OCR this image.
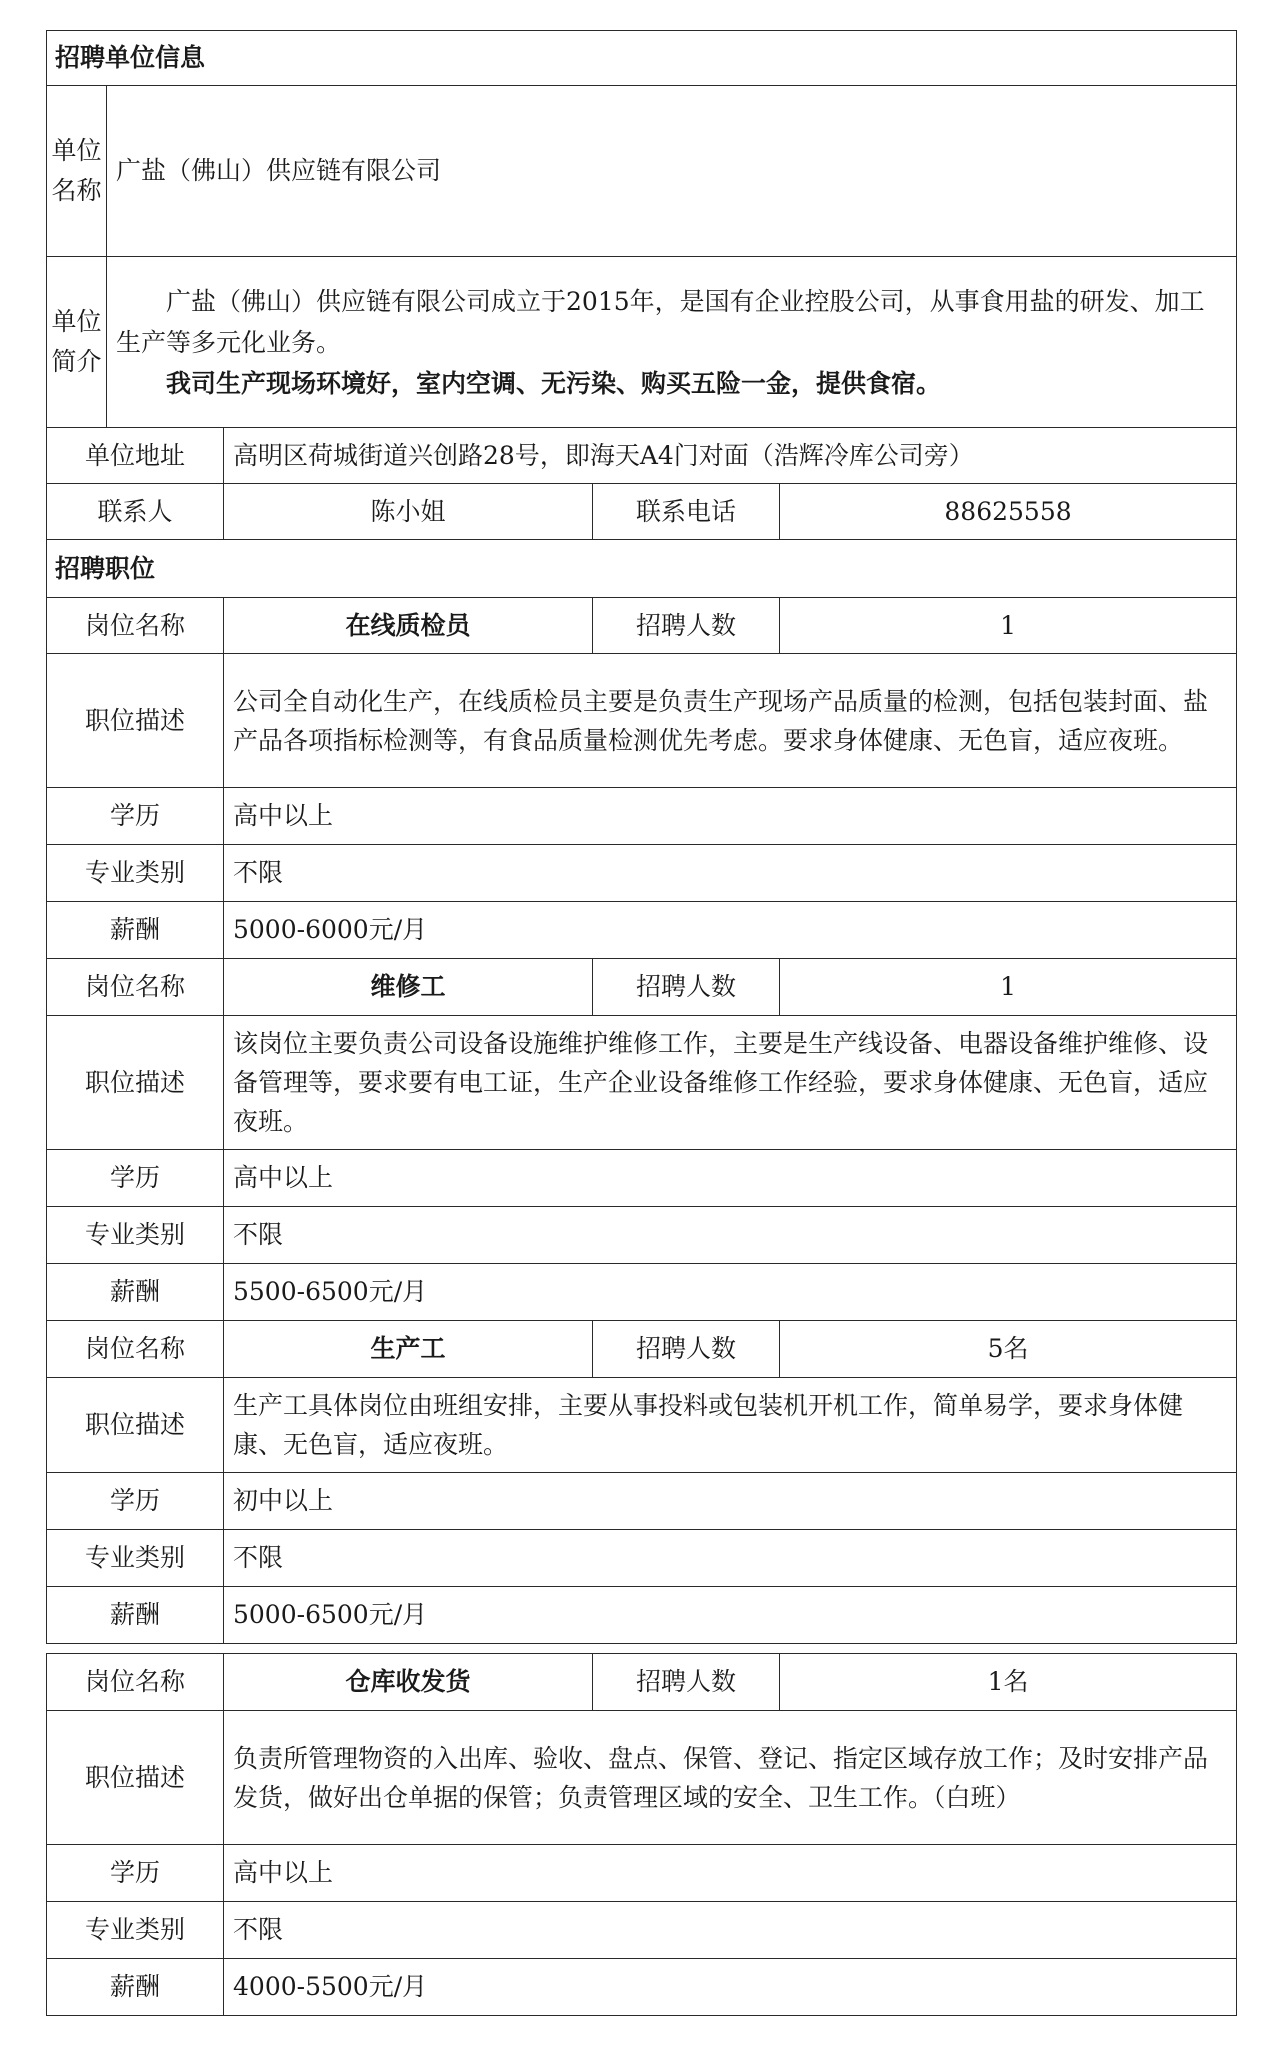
招聘单位信息				
单位名称	广盐（佛山）供应链有限公司			
单位简介	广盐（佛山）供应链有限公司成立于2015年，是国有企业控股公司，从事食用盐的研发、加工生产等多元化业务。

我司生产现场环境好，室内空调、无污染、购买五险一金，提供食宿。			

单位地址		高明区荷城街道兴创路28号，即海天A4门对面（浩辉冷库公司旁）		
联系人		陈小姐	联系电话	88625558
招聘职位				
岗位名称		在线质检员	招聘人数	1
职位描述		公司全自动化生产，在线质检员主要是负责生产现场产品质量的检测，包括包装封面、盐产品各项指标检测等，有食品质量检测优先考虑。要求身体健康、无色盲，适应夜班。		
学历		高中以上		
专业类别		不限		
薪酬		5000-6000元/月		
岗位名称		维修工	招聘人数	1
职位描述		该岗位主要负责公司设备设施维护维修工作，主要是生产线设备、电器设备维护维修、设备管理等，要求要有电工证，生产企业设备维修工作经验，要求身体健康、无色盲，适应夜班。		
学历		高中以上		
专业类别		不限		
薪酬		5500-6500元/月		
岗位名称		生产工	招聘人数	5名
职位描述		生产工具体岗位由班组安排，主要从事投料或包装机开机工作，简单易学，要求身体健康、无色盲，适应夜班。		
学历		初中以上		
专业类别		不限		
薪酬		5000-6500元/月		
岗位名称	仓库收发货	招聘人数	1名
职位描述	负责所管理物资的入出库、验收、盘点、保管、登记、指定区域存放工作；及时安排产品发货，做好出仓单据的保管；负责管理区域的安全、卫生工作。（白班）		
学历	高中以上		
专业类别	不限		
薪酬	4000-5500元/月		
